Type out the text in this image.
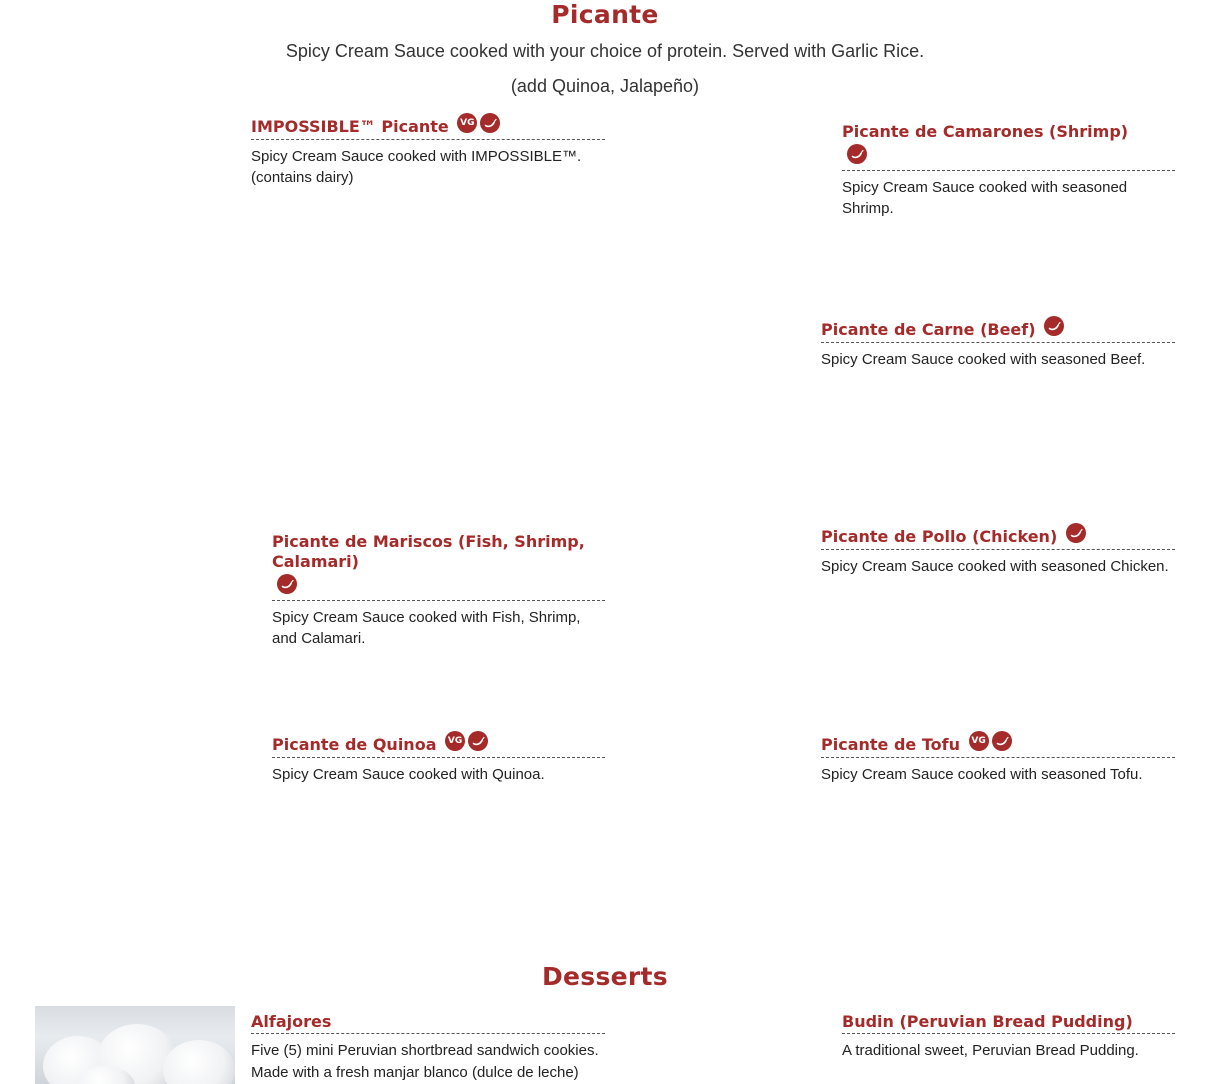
Picante

Spicy Cream Sauce cooked with your choice of protein. Served with Garlic Rice.

(add Quinoa, Jalapeño)

IMPOSSIBLE™ Picante VG
Spicy Cream Sauce cooked with IMPOSSIBLE™. (contains dairy)
Picante de Camarones (Shrimp)
Spicy Cream Sauce cooked with seasoned Shrimp.
Picante de Carne (Beef)
Spicy Cream Sauce cooked with seasoned Beef.
Picante de Mariscos (Fish, Shrimp, Calamari)
Spicy Cream Sauce cooked with Fish, Shrimp, and Calamari.
Picante de Pollo (Chicken)
Spicy Cream Sauce cooked with seasoned Chicken.
Picante de Quinoa VG
Spicy Cream Sauce cooked with Quinoa.
Picante de Tofu VG
Spicy Cream Sauce cooked with seasoned Tofu.
Desserts
Alfajores
Five (5) mini Peruvian shortbread sandwich cookies. Made with a fresh manjar blanco (dulce de leche)
Budin (Peruvian Bread Pudding)
A traditional sweet, Peruvian Bread Pudding.
